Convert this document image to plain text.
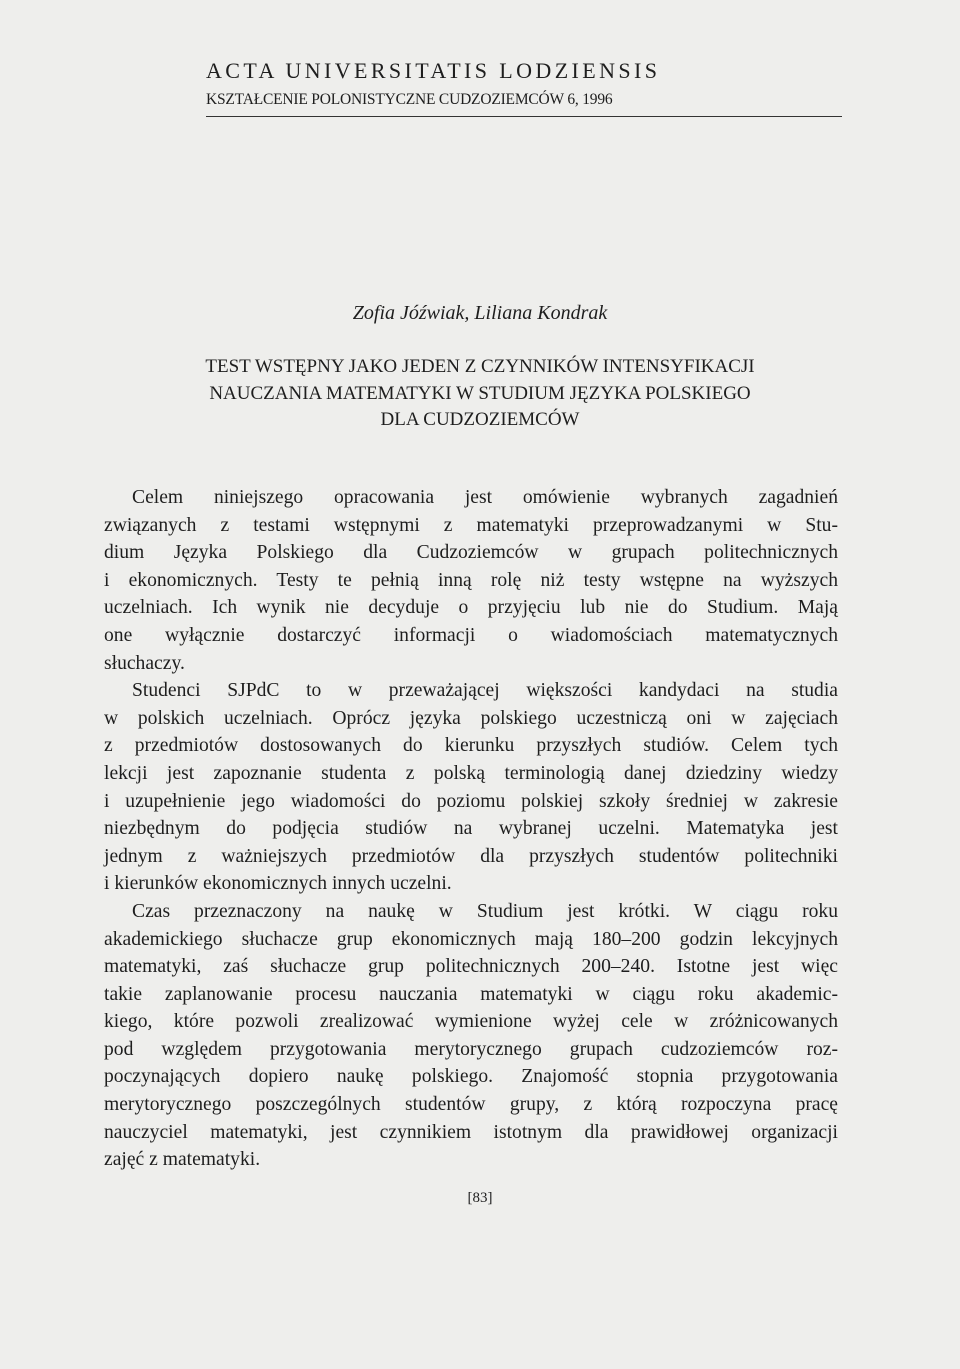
ACTA UNIVERSITATIS LODZIENSIS
KSZTAŁCENIE POLONISTYCZNE CUDZOZIEMCÓW 6, 1996
Zofia Jóźwiak, Liliana Kondrak
TEST WSTĘPNY JAKO JEDEN Z CZYNNIKÓW INTENSYFIKACJI
NAUCZANIA MATEMATYKI W STUDIUM JĘZYKA POLSKIEGO
DLA CUDZOZIEMCÓW
Celem niniejszego opracowania jest omówienie wybranych zagadnień
związanych z testami wstępnymi z matematyki przeprowadzanymi w Stu-
dium Języka Polskiego dla Cudzoziemców w grupach politechnicznych
i ekonomicznych. Testy te pełnią inną rolę niż testy wstępne na wyższych
uczelniach. Ich wynik nie decyduje o przyjęciu lub nie do Studium. Mają
one wyłącznie dostarczyć informacji o wiadomościach matematycznych
słuchaczy.
Studenci SJPdC to w przeważającej większości kandydaci na studia
w polskich uczelniach. Oprócz języka polskiego uczestniczą oni w zajęciach
z przedmiotów dostosowanych do kierunku przyszłych studiów. Celem tych
lekcji jest zapoznanie studenta z polską terminologią danej dziedziny wiedzy
i uzupełnienie jego wiadomości do poziomu polskiej szkoły średniej w zakresie
niezbędnym do podjęcia studiów na wybranej uczelni. Matematyka jest
jednym z ważniejszych przedmiotów dla przyszłych studentów politechniki
i kierunków ekonomicznych innych uczelni.
Czas przeznaczony na naukę w Studium jest krótki. W ciągu roku
akademickiego słuchacze grup ekonomicznych mają 180–200 godzin lekcyjnych
matematyki, zaś słuchacze grup politechnicznych 200–240. Istotne jest więc
takie zaplanowanie procesu nauczania matematyki w ciągu roku akademic-
kiego, które pozwoli zrealizować wymienione wyżej cele w zróżnicowanych
pod względem przygotowania merytorycznego grupach cudzoziemców roz-
poczynających dopiero naukę polskiego. Znajomość stopnia przygotowania
merytorycznego poszczególnych studentów grupy, z którą rozpoczyna pracę
nauczyciel matematyki, jest czynnikiem istotnym dla prawidłowej organizacji
zajęć z matematyki.
[83]
